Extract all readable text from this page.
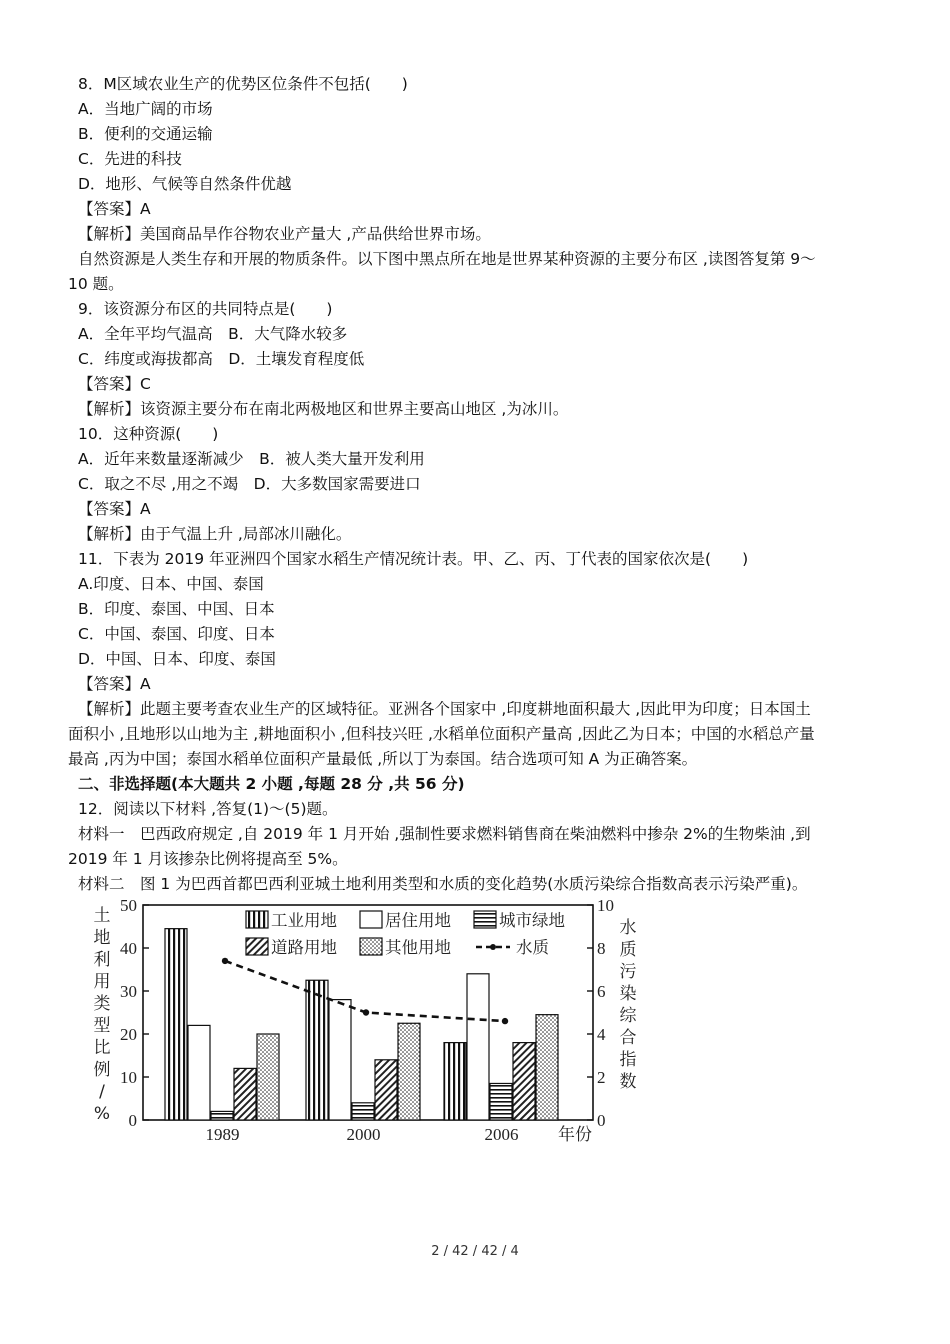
8．M区域农业生产的优势区位条件不包括(　　)
A．当地广阔的市场
B．便利的交通运输
C．先进的科技
D．地形、气候等自然条件优越
【答案】A
【解析】美国商品旱作谷物农业产量大 ,产品供给世界市场。
自然资源是人类生存和开展的物质条件。以下图中黑点所在地是世界某种资源的主要分布区 ,读图答复第 9～
10 题。
9．该资源分布区的共同特点是(　　)
A．全年平均气温高　B．大气降水较多
C．纬度或海拔都高　D．土壤发育程度低
【答案】C
【解析】该资源主要分布在南北两极地区和世界主要高山地区 ,为冰川。
10．这种资源(　　)
A．近年来数量逐渐减少　B．被人类大量开发利用
C．取之不尽 ,用之不竭　D．大多数国家需要进口
【答案】A
【解析】由于气温上升 ,局部冰川融化。
11．下表为 2019 年亚洲四个国家水稻生产情况统计表。甲、乙、丙、丁代表的国家依次是(　　)
A.印度、日本、中国、泰国
B．印度、泰国、中国、日本
C．中国、泰国、印度、日本
D．中国、日本、印度、泰国
【答案】A
【解析】此题主要考查农业生产的区域特征。亚洲各个国家中 ,印度耕地面积最大 ,因此甲为印度；日本国土
面积小 ,且地形以山地为主 ,耕地面积小 ,但科技兴旺 ,水稻单位面积产量高 ,因此乙为日本；中国的水稻总产量
最高 ,丙为中国；泰国水稻单位面积产量最低 ,所以丁为泰国。结合选项可知 A 为正确答案。
二、非选择题(本大题共 2 小题 ,每题 28 分 ,共 56 分)
12．阅读以下材料 ,答复(1)～(5)题。
材料一　巴西政府规定 ,自 2019 年 1 月开始 ,强制性要求燃料销售商在柴油燃料中掺杂 2%的生物柴油 ,到
2019 年 1 月该掺杂比例将提高至 5%。
材料二　图 1 为巴西首都巴西利亚城土地利用类型和水质的变化趋势(水质污染综合指数高表示污染严重)。
0
10
20
30
40
50
0
2
4
6
8
10
1989	2000	2006
土地利用类型比例/ %
水质污染综合指数
年份
工业用地	居住用地	城市绿地
道路用地	其他用地	水质
2 / 42 / 42 / 4
